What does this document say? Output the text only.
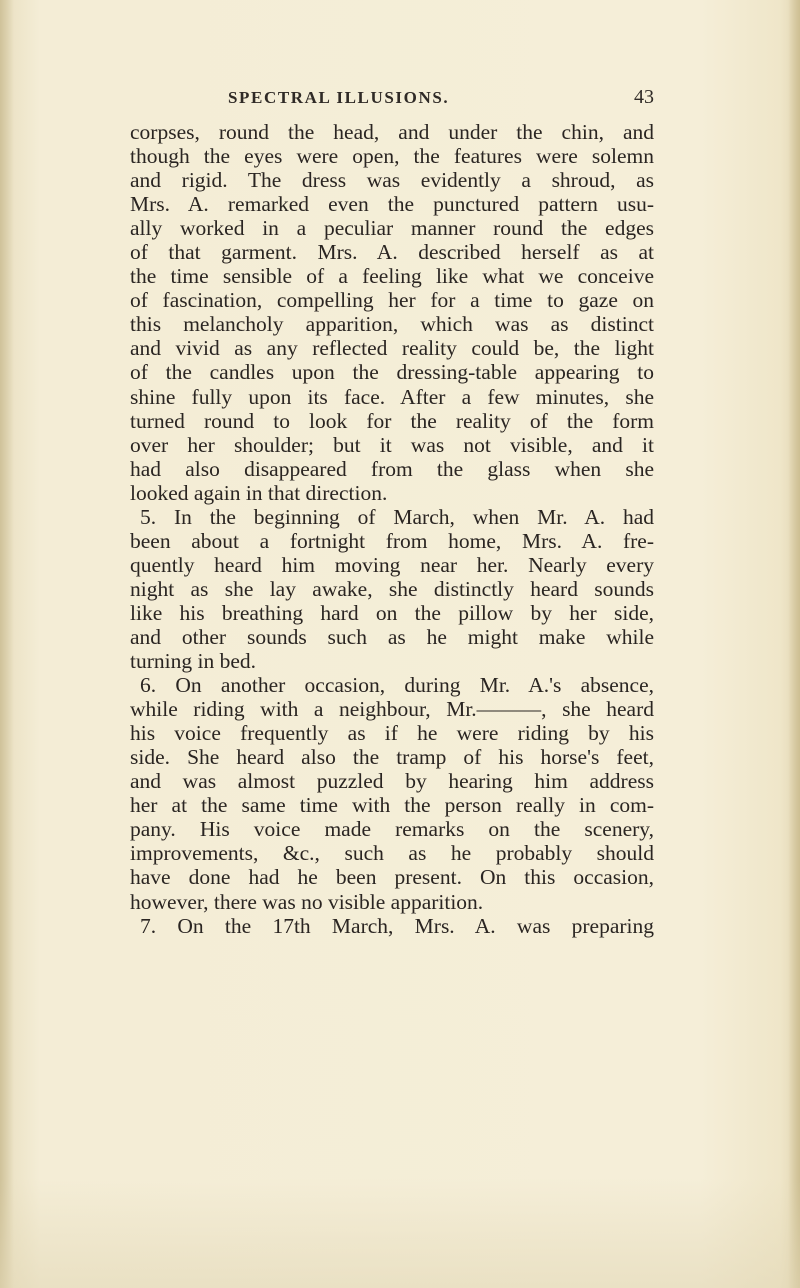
SPECTRAL ILLUSIONS.	43
corpses, round the head, and under the chin, and
though the eyes were open, the features were solemn
and rigid. The dress was evidently a shroud, as
Mrs. A. remarked even the punctured pattern usu-
ally worked in a peculiar manner round the edges
of that garment. Mrs. A. described herself as at
the time sensible of a feeling like what we conceive
of fascination, compelling her for a time to gaze on
this melancholy apparition, which was as distinct
and vivid as any reflected reality could be, the light
of the candles upon the dressing-table appearing to
shine fully upon its face. After a few minutes, she
turned round to look for the reality of the form
over her shoulder; but it was not visible, and it
had also disappeared from the glass when she
looked again in that direction.
5. In the beginning of March, when Mr. A. had
been about a fortnight from home, Mrs. A. fre-
quently heard him moving near her. Nearly every
night as she lay awake, she distinctly heard sounds
like his breathing hard on the pillow by her side,
and other sounds such as he might make while
turning in bed.
6. On another occasion, during Mr. A.'s absence,
while riding with a neighbour, Mr.———, she heard
his voice frequently as if he were riding by his
side. She heard also the tramp of his horse's feet,
and was almost puzzled by hearing him address
her at the same time with the person really in com-
pany. His voice made remarks on the scenery,
improvements, &c., such as he probably should
have done had he been present. On this occasion,
however, there was no visible apparition.
7. On the 17th March, Mrs. A. was preparing
